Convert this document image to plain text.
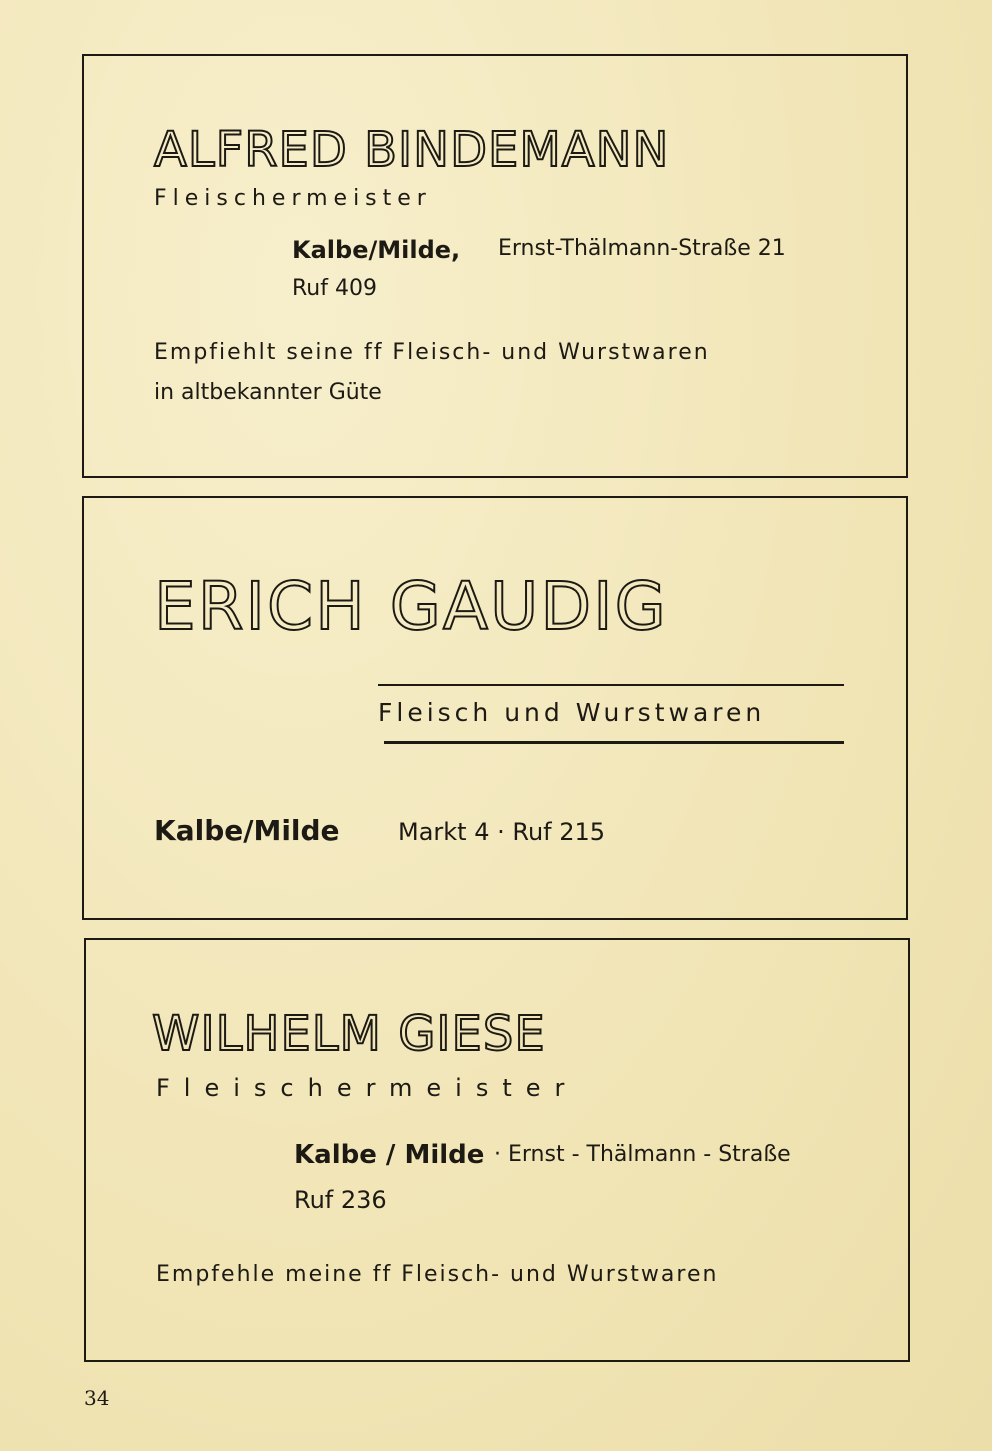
ALFRED BINDEMANN
Fleischermeister
Kalbe/Milde, Ernst-Thälmann-Straße 21
Ruf 409
Empfiehlt seine ff Fleisch- und Wurstwaren
in altbekannter Güte
ERICH GAUDIG
Fleisch und Wurstwaren
Kalbe/Milde Markt 4 · Ruf 215
WILHELM GIESE
Fleischermeister
Kalbe / Milde · Ernst - Thälmann - Straße
Ruf 236
Empfehle meine ff Fleisch- und Wurstwaren
34
